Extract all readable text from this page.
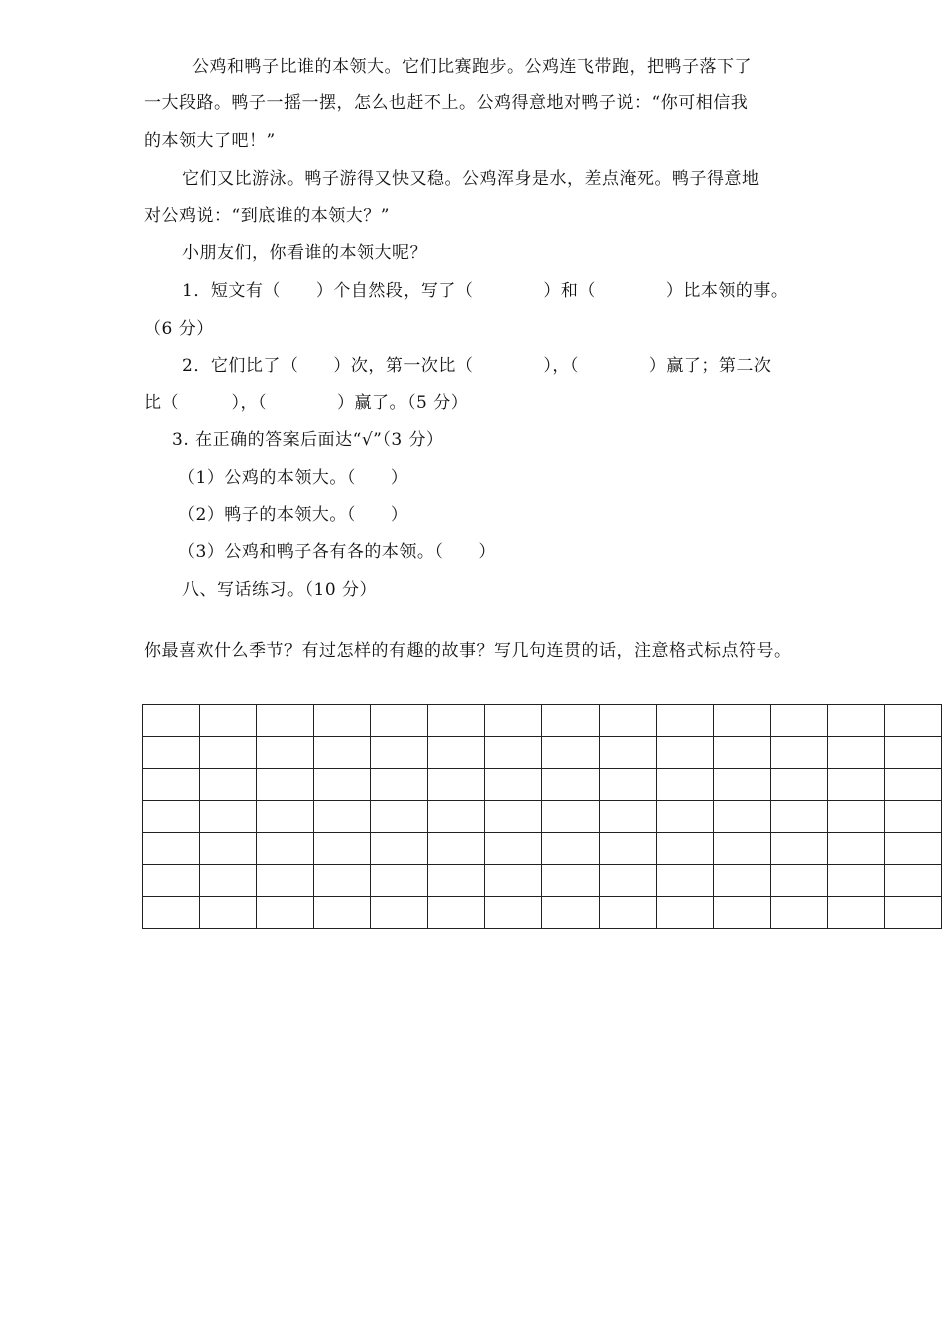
公鸡和鸭子比谁的本领大。它们比赛跑步。公鸡连飞带跑，把鸭子落下了
一大段路。鸭子一摇一摆，怎么也赶不上。公鸡得意地对鸭子说：“你可相信我
的本领大了吧！”
它们又比游泳。鸭子游得又快又稳。公鸡浑身是水，差点淹死。鸭子得意地
对公鸡说：“到底谁的本领大？”
小朋友们，你看谁的本领大呢？
1．短文有（　　）个自然段，写了（　　　　）和（　　　　）比本领的事。
（6 分）
2．它们比了（　　）次，第一次比（　　　　），（　　　　）赢了；第二次
比（　　　），（　　　　）赢了。（5 分）
3. 在正确的答案后面达“√”（3 分）
（1）公鸡的本领大。（　　）
（2）鸭子的本领大。（　　）
（3）公鸡和鸭子各有各的本领。（　　）
八、写话练习。（10 分）
你最喜欢什么季节？有过怎样的有趣的故事？写几句连贯的话，注意格式标点符号。
